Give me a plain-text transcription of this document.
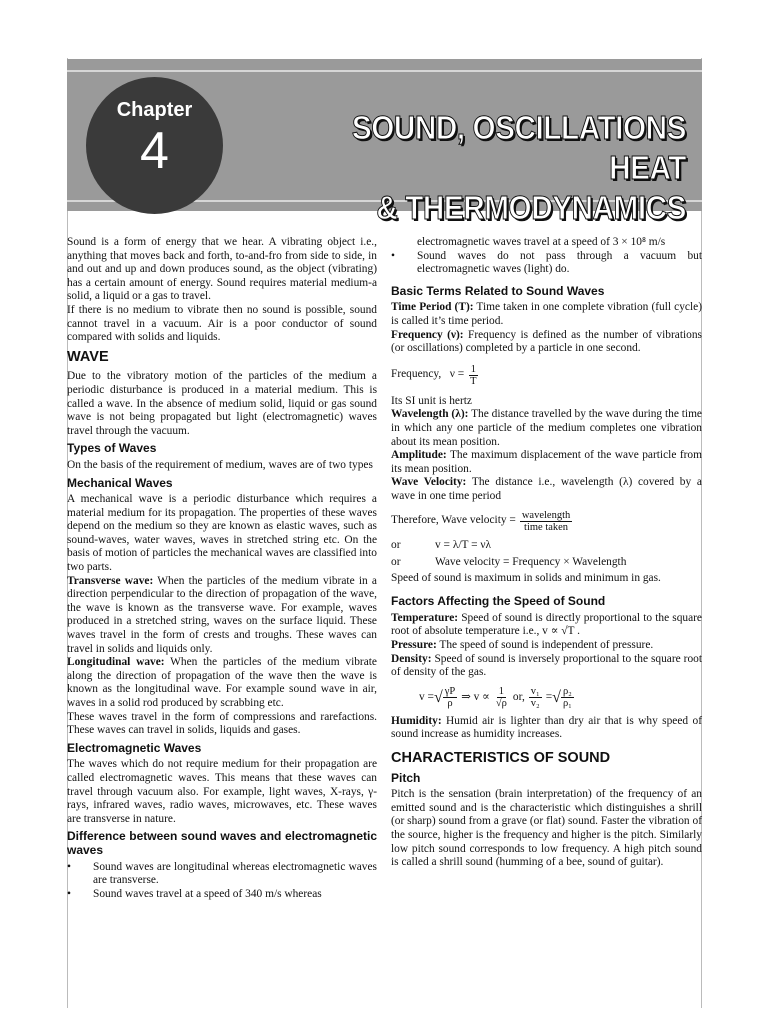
Chapter
4	SOUND, OSCILLATIONS HEAT
& THERMODYNAMICS

Sound is a form of energy that we hear. A vibrating object i.e., anything that moves back and forth, to-and-fro from side to side, in and out and up and down produces sound, as the object (vibrating) has a certain amount of energy. Sound requires material medium-a solid, a liquid or a gas to travel.

If there is no medium to vibrate then no sound is possible, sound cannot travel in a vacuum. Air is a poor conductor of sound compared with solids and liquids.

WAVE

Due to the vibratory motion of the particles of the medium a periodic disturbance is produced in a material medium. This is called a wave. In the absence of medium solid, liquid or gas sound wave is not being propagated but light (electromagnetic) waves travel through the vacuum.

Types of Waves

On the basis of the requirement of medium, waves are of two types

Mechanical Waves

A mechanical wave is a periodic disturbance which requires a material medium for its propagation. The properties of these waves depend on the medium so they are known as elastic waves, such as sound-waves, water waves, waves in stretched string etc. On the basis of motion of particles the mechanical waves are classified into two parts.

Transverse wave: When the particles of the medium vibrate in a direction perpendicular to the direction of propagation of the wave, the wave is known as the transverse wave. For example, waves produced in a stretched string, waves on the surface liquid. These waves travel in the form of crests and troughs. These waves can travel in solids and liquids only.

Longitudinal wave: When the particles of the medium vibrate along the direction of propagation of the wave then the wave is known as the longitudinal wave. For example sound wave in air, waves in a solid rod produced by scrabbing etc.

These waves travel in the form of compressions and rarefactions. These waves can travel in solids, liquids and gases.

Electromagnetic Waves

The waves which do not require medium for their propagation are called electromagnetic waves. This means that these waves can travel through vacuum also. For example, light waves, X-rays, γ-rays, infrared waves, radio waves, microwaves, etc. These waves are transverse in nature.

Difference between sound waves and electromagnetic waves
•	Sound waves are longitudinal whereas electromagnetic waves are transverse.
•	Sound waves travel at a speed of 340 m/s whereas
electromagnetic waves travel at a speed of 3 × 10⁸ m/s
•	Sound waves do not pass through a vacuum but electromagnetic waves (light) do.
Basic Terms Related to Sound Waves

Time Period (T): Time taken in one complete vibration (full cycle) is called it’s time period.

Frequency (ν): Frequency is defined as the number of vibrations (or oscillations) completed by a particle in one second.

Frequency,
$\nu = \frac{1}{T}$

Its SI unit is hertz

Wavelength (λ): The distance travelled by the wave during the time in which any one particle of the medium completes one vibration about its mean position.

Amplitude: The maximum displacement of the wave particle from its mean position.

Wave Velocity: The distance i.e., wavelength (λ) covered by a wave in one time period

Therefore, Wave velocity = $\frac{\text{wavelength}}{\text{time taken}}$
or	v = λ/T = νλ
or	Wave velocity = Frequency × Wavelength

Speed of sound is maximum in solids and minimum in gas.

Factors Affecting the Speed of Sound

Temperature: Speed of sound is directly proportional to the square root of absolute temperature i.e., v ∝ √T .

Pressure: The speed of sound is independent of pressure.

Density: Speed of sound is inversely proportional to the square root of density of the gas.

v = √ $\frac{\gamma P}{\rho}$ ⇒ $v \propto \frac{1}{√\rho}$ or, $\frac{\text{v₁}}{\text{v₂}}$ = √ $\frac{\text{ρ₂}}{\text{ρ₁}}$

Humidity: Humid air is lighter than dry air that is why speed of sound increase as humidity increases.

CHARACTERISTICS OF SOUND
Pitch

Pitch is the sensation (brain interpretation) of the frequency of an emitted sound and is the characteristic which distinguishes a shrill (or sharp) sound from a grave (or flat) sound. Faster the vibration of the source, higher is the frequency and higher is the pitch. Similarly low pitch sound corresponds to low frequency. A high pitch sound is called a shrill sound (humming of a bee, sound of guitar).
